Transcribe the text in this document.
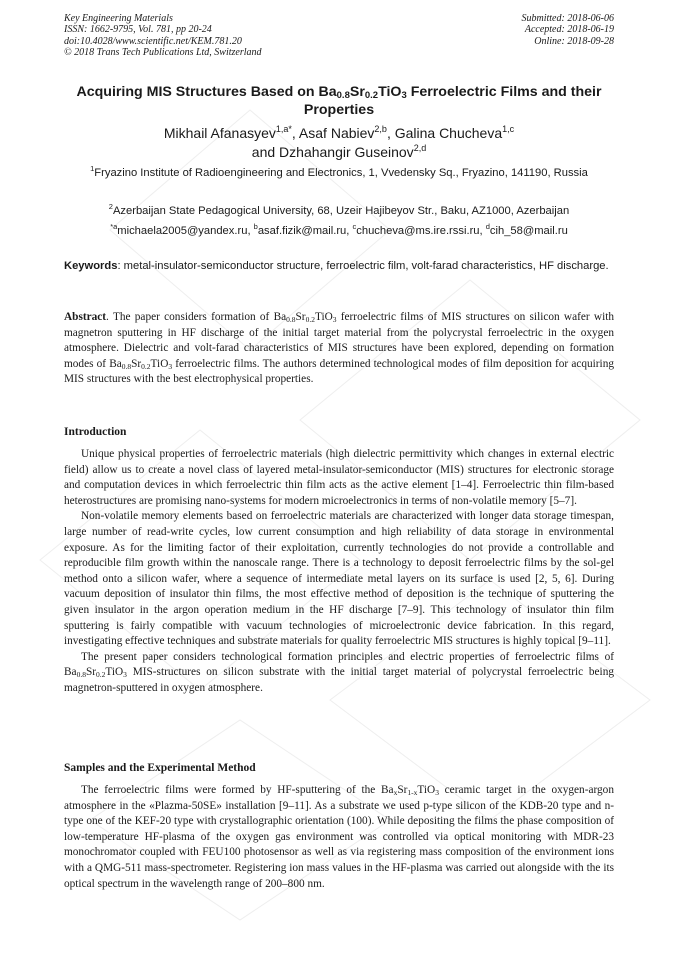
Key Engineering Materials
ISSN: 1662-9795, Vol. 781, pp 20-24
doi:10.4028/www.scientific.net/KEM.781.20
© 2018 Trans Tech Publications Ltd, Switzerland
Submitted: 2018-06-06
Accepted: 2018-06-19
Online: 2018-09-28
Acquiring MIS Structures Based on $Ba_{0.8}Sr_{0.2}TiO_3$ Ferroelectric Films and their Properties
Mikhail Afanasyev$^{1,a*}$, Asaf Nabiev$^{2,b}$, Galina Chucheva$^{1,c}$
and Dzhahangir Guseinov$^{2,d}$
$^1$Fryazino Institute of Radioengineering and Electronics, 1, Vvedensky Sq., Fryazino, 141190, Russia
$^2$Azerbaijan State Pedagogical University, 68, Uzeir Hajibeyov Str., Baku, AZ1000, Azerbaijan
$^{*a}$michaela2005@yandex.ru, $^b$asaf.fizik@mail.ru, $^c$chucheva@ms.ire.rssi.ru, $^d$cih_58@mail.ru
Keywords: metal-insulator-semiconductor structure, ferroelectric film, volt-farad characteristics, HF discharge.

Abstract. The paper considers formation of $Ba_{0.8}Sr_{0.2}TiO_3$ ferroelectric films of MIS structures on silicon wafer with magnetron sputtering in HF discharge of the initial target material from the polycrystal ferroelectric in the oxygen atmosphere. Dielectric and volt-farad characteristics of MIS structures have been explored, depending on formation modes of $Ba_{0.8}Sr_{0.2}TiO_3$ ferroelectric films. The authors determined technological modes of film deposition for acquiring MIS structures with the best electrophysical properties.

Introduction

Unique physical properties of ferroelectric materials (high dielectric permittivity which changes in external electric field) allow us to create a novel class of layered metal-insulator-semiconductor (MIS) structures for electronic storage and computation devices in which ferroelectric thin film acts as the active element [1–4]. Ferroelectric thin film-based heterostructures are promising nano-systems for modern microelectronics in terms of non-volatile memory [5–7].

Non-volatile memory elements based on ferroelectric materials are characterized with longer data storage timespan, large number of read-write cycles, low current consumption and high reliability of data storage in environmental exposure. As for the limiting factor of their exploitation, currently technologies do not provide a controllable and reproducible film growth within the nanoscale range. There is a technology to deposit ferroelectric films by the sol-gel method onto a silicon wafer, where a sequence of intermediate metal layers on its surface is used [2, 5, 6]. During vacuum deposition of insulator thin films, the most effective method of deposition is the technique of sputtering the given insulator in the argon operation medium in the HF discharge [7–9]. This technology of insulator thin film sputtering is fairly compatible with vacuum technologies of microelectronic device fabrication. In this regard, investigating effective techniques and substrate materials for quality ferroelectric MIS structures is highly topical [9–11].

The present paper considers technological formation principles and electric properties of ferroelectric films of $Ba_{0.8}Sr_{0.2}TiO_3$ MIS-structures on silicon substrate with the initial target material of polycrystal ferroelectric being magnetron-sputtered in oxygen atmosphere.

Samples and the Experimental Method

The ferroelectric films were formed by HF-sputtering of the $Ba_xSr_{1-x}TiO_3$ ceramic target in the oxygen-argon atmosphere in the «Plazma-50SE» installation [9–11]. As a substrate we used p-type silicon of the KDB-20 type and n-type one of the KEF-20 type with crystallographic orientation (100). While depositing the films the phase composition of low-temperature HF-plasma of the oxygen gas environment was controlled via optical monitoring with MDR-23 monochromator coupled with FEU100 photosensor as well as via registering mass composition of the environment ions with a QMG-511 mass-spectrometer. Registering ion mass values in the HF-plasma was carried out alongside with the its optical spectrum in the wavelength range of 200–800 nm.
